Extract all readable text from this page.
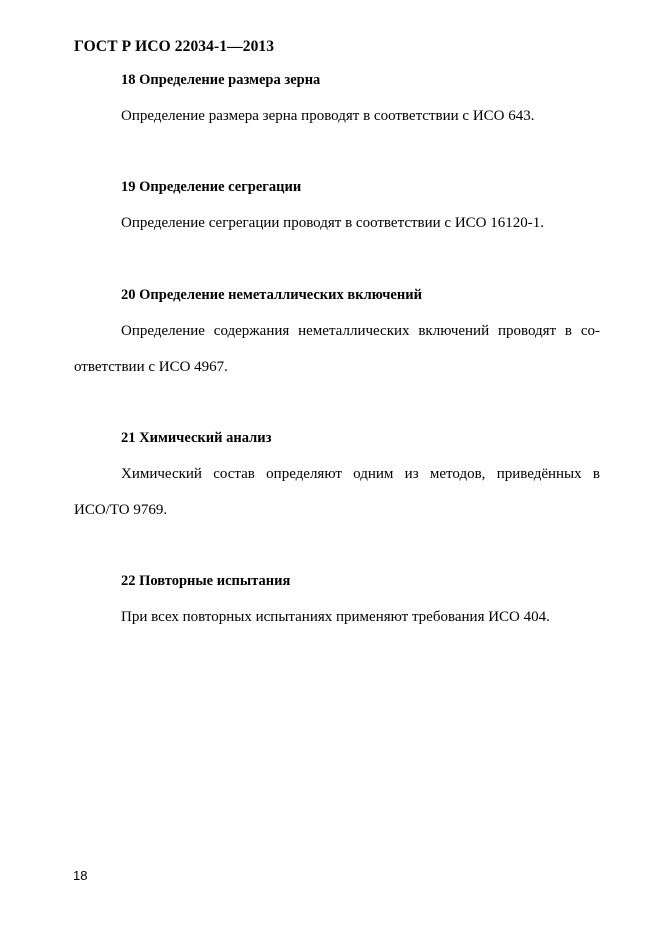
ГОСТ Р ИСО 22034-1—2013
18 Определение размера зерна
Определение размера зерна проводят в соответствии с ИСО 643.
19 Определение сегрегации
Определение сегрегации проводят в соответствии с ИСО 16120-1.
20 Определение неметаллических включений
Определение содержания неметаллических включений проводят в со-
ответствии с ИСО 4967.
21 Химический анализ
Химический состав определяют одним из методов, приведённых в
ИСО/ТО 9769.
22 Повторные испытания
При всех повторных испытаниях применяют требования ИСО 404.
18
